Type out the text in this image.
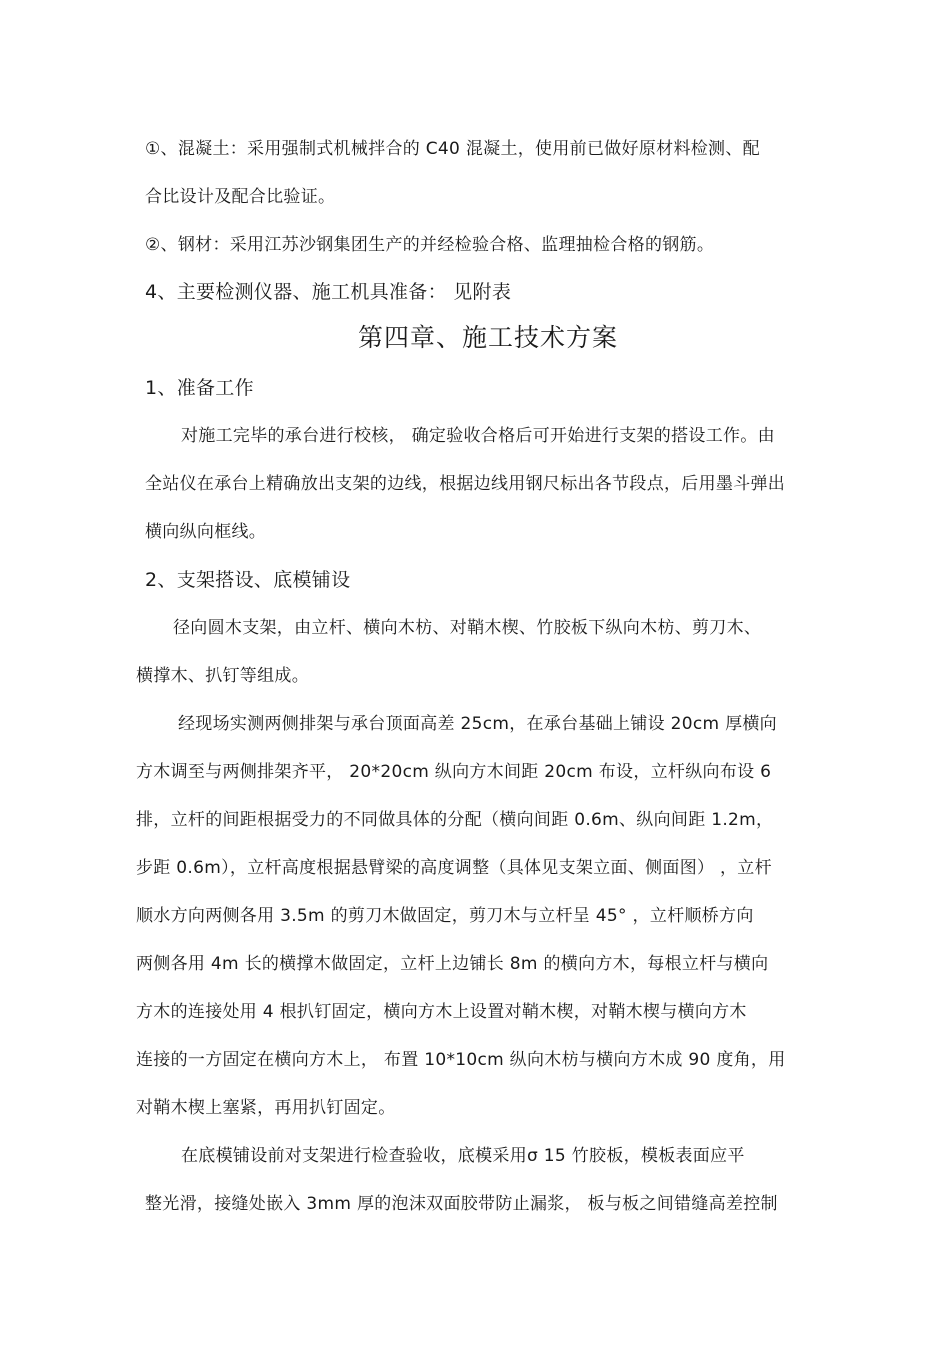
①、混凝土：采用强制式机械拌合的 C40 混凝土，使用前已做好原材料检测、配

合比设计及配合比验证。

②、钢材：采用江苏沙钢集团生产的并经检验合格、监理抽检合格的钢筋。

4、主要检测仪器、施工机具准备： 见附表

第四章、施工技术方案

1、准备工作

对施工完毕的承台进行校核， 确定验收合格后可开始进行支架的搭设工作。由

全站仪在承台上精确放出支架的边线，根据边线用钢尺标出各节段点，后用墨斗弹出

横向纵向框线。

2、支架搭设、底模铺设

径向圆木支架，由立杆、横向木枋、对鞘木楔、竹胶板下纵向木枋、剪刀木、

横撑木、扒钉等组成。

经现场实测两侧排架与承台顶面高差 25cm，在承台基础上铺设 20cm 厚横向

方木调至与两侧排架齐平， 20*20cm 纵向方木间距 20cm 布设，立杆纵向布设 6

排，立杆的间距根据受力的不同做具体的分配（横向间距 0.6m、纵向间距 1.2m，

步距 0.6m），立杆高度根据悬臂梁的高度调整（具体见支架立面、侧面图） ，立杆

顺水方向两侧各用 3.5m 的剪刀木做固定，剪刀木与立杆呈 45° ，立杆顺桥方向

两侧各用 4m 长的横撑木做固定，立杆上边铺长 8m 的横向方木，每根立杆与横向

方木的连接处用 4 根扒钉固定，横向方木上设置对鞘木楔，对鞘木楔与横向方木

连接的一方固定在横向方木上， 布置 10*10cm 纵向木枋与横向方木成 90 度角，用

对鞘木楔上塞紧，再用扒钉固定。

在底模铺设前对支架进行检查验收，底模采用σ 15 竹胶板，模板表面应平

整光滑，接缝处嵌入 3mm 厚的泡沫双面胶带防止漏浆， 板与板之间错缝高差控制
